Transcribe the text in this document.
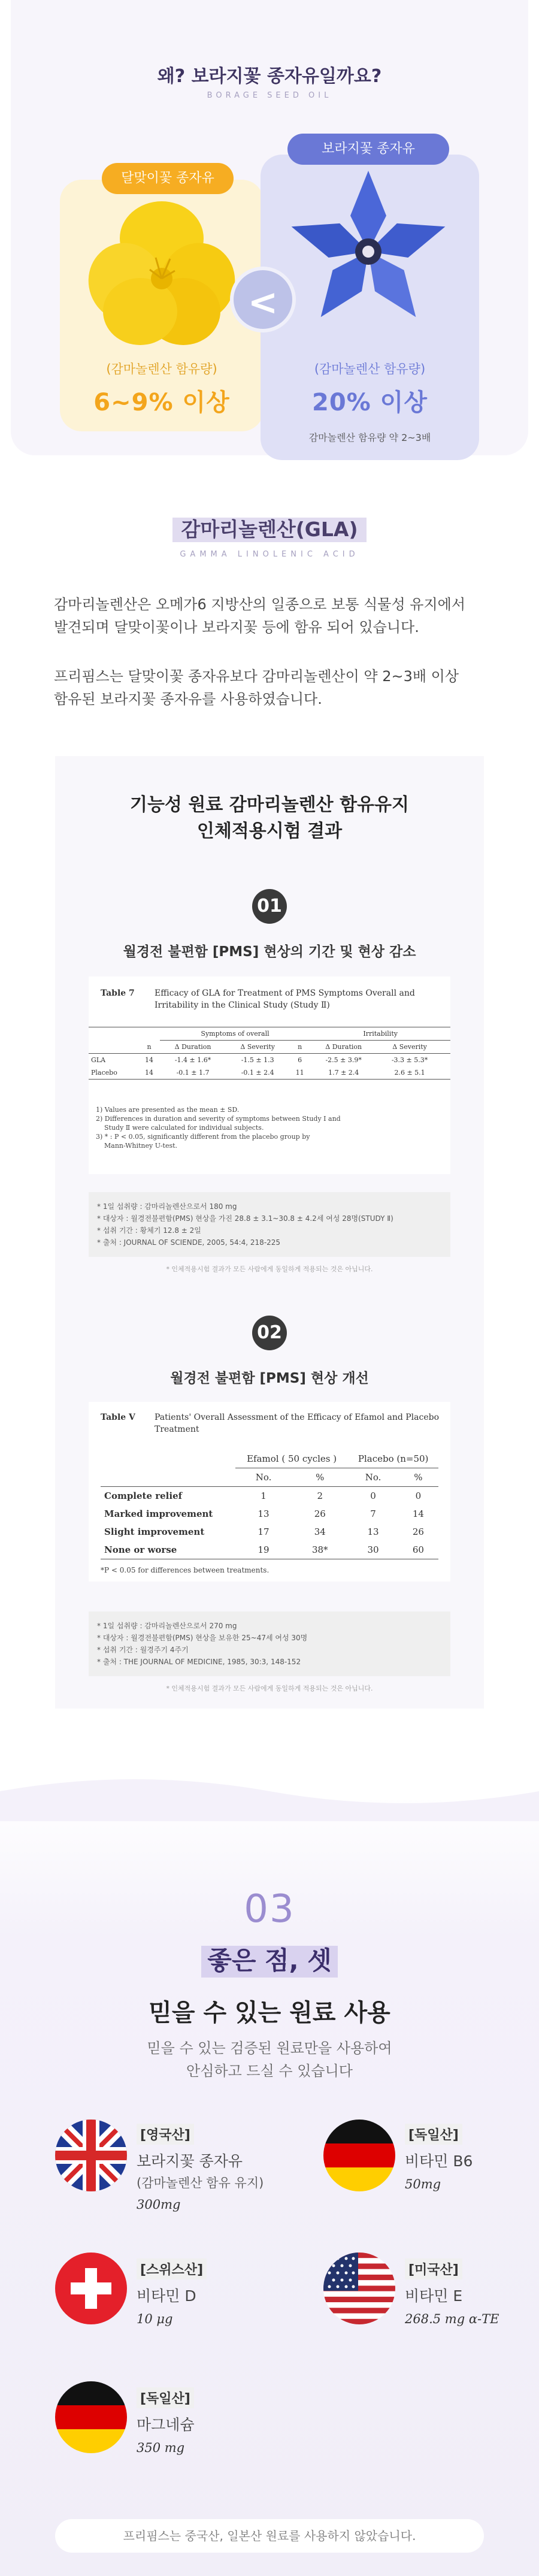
왜? 보라지꽃 종자유일까요?
BORAGE SEED OIL
달맞이꽃 종자유
보라지꽃 종자유
<
(감마놀렌산 함유량)
6~9% 이상
(감마놀렌산 함유량)
20% 이상
감마놀렌산 함유량 약 2~3배
감마리놀렌산(GLA)
GAMMA LINOLENIC ACID
감마리놀렌산은 오메가6 지방산의 일종으로 보통 식물성 유지에서
발견되며 달맞이꽃이나 보라지꽃 등에 함유 되어 있습니다.
프리핌스는 달맞이꽃 종자유보다 감마리놀렌산이 약 2~3배 이상
함유된 보라지꽃 종자유를 사용하였습니다.
기능성 원료 감마리놀렌산 함유유지
인체적용시험 결과
01
월경전 불편함 [PMS] 현상의 기간 및 현상 감소
Table 7	Efficacy of GLA for Treatment of PMS Symptoms Overall and Irritability in the Clinical Study (Study Ⅱ)
		Symptoms of overall			Irritability		
	n	Δ Duration	Δ Severity	n	Δ Duration	Δ Severity	
GLA	14	-1.4 ± 1.6*	-1.5 ± 1.3	6	-2.5 ± 3.9*	-3.3 ± 5.3*	
Placebo	14	-0.1 ± 1.7	-0.1 ± 2.4	11	1.7 ± 2.4	2.6 ± 5.1	
1) Values are presented as the mean ± SD.
2) Differences in duration and severity of symptoms between Study I and
Study Ⅱ were calculated for individual subjects.
3) * : P < 0.05, significantly different from the placebo group by
Mann-Whitney U-test.
* 1일 섭취량 : 감마리놀렌산으로서 180 mg
* 대상자 : 월경전불편함(PMS) 현상을 가진 28.8 ± 3.1~30.8 ± 4.2세 여성 28명(STUDY Ⅱ)
* 섭취 기간 : 황체기 12.8 ± 2일
* 출처 : JOURNAL OF SCIENDE, 2005, 54:4, 218-225
* 인체적용시험 결과가 모든 사람에게 동일하게 적용되는 것은 아닙니다.
02
월경전 불편함 [PMS] 현상 개선
Table V	Patients' Overall Assessment of the Efficacy of Efamol and Placebo Treatment
	Efamol ( 50 cycles )		Placebo (n=50)	
	No.	%	No.	%
Complete relief	1	2	0	0
Marked improvement	13	26	7	14
Slight improvement	17	34	13	26
None or worse	19	38*	30	60
*P < 0.05 for differences between treatments.
* 1일 섭취량 : 감마리놀렌산으로서 270 mg
* 대상자 : 월경전불편함(PMS) 현상을 보유한 25~47세 여성 30명
* 섭취 기간 : 월경주기 4주기
* 출처 : THE JOURNAL OF MEDICINE, 1985, 30:3, 148-152
* 인체적용시험 결과가 모든 사람에게 동일하게 적용되는 것은 아닙니다.
03
좋은 점, 셋
믿을 수 있는 원료 사용
믿을 수 있는 검증된 원료만을 사용하여
안심하고 드실 수 있습니다
[영국산]
보라지꽃 종자유
(감마놀렌산 함유 유지)
300mg
[독일산]
비타민 B6
50mg
[스위스산]
비타민 D
10 μg
[미국산]
비타민 E
268.5 mg α-TE
[독일산]
마그네슘
350 mg
프리핌스는 중국산, 일본산 원료를 사용하지 않았습니다.
